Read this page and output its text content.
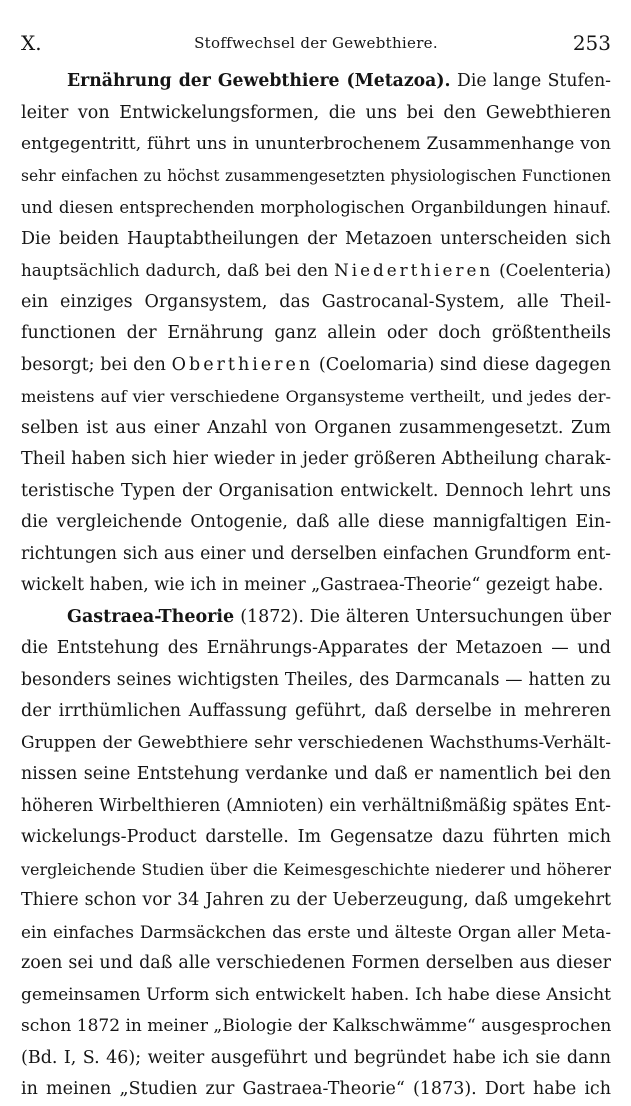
X.	Stoffwechsel der Gewebthiere.	253
Ernährung der Gewebthiere (Metazoa). Die lange Stufen-
leiter von Entwickelungsformen, die uns bei den Gewebthieren
entgegentritt, führt uns in ununterbrochenem Zusammenhange von
sehr einfachen zu höchst zusammengesetzten physiologischen Functionen
und diesen entsprechenden morphologischen Organbildungen hinauf.
Die beiden Hauptabtheilungen der Metazoen unterscheiden sich
hauptsächlich dadurch, daß bei den Niederthieren (Coelenteria)
ein einziges Organsystem, das Gastrocanal-System, alle Theil-
functionen der Ernährung ganz allein oder doch größtentheils
besorgt; bei den Oberthieren (Coelomaria) sind diese dagegen
meistens auf vier verschiedene Organsysteme vertheilt, und jedes der-
selben ist aus einer Anzahl von Organen zusammengesetzt. Zum
Theil haben sich hier wieder in jeder größeren Abtheilung charak-
teristische Typen der Organisation entwickelt. Dennoch lehrt uns
die vergleichende Ontogenie, daß alle diese mannigfaltigen Ein-
richtungen sich aus einer und derselben einfachen Grundform ent-
wickelt haben, wie ich in meiner „Gastraea-Theorie“ gezeigt habe.
Gastraea-Theorie (1872). Die älteren Untersuchungen über
die Entstehung des Ernährungs-Apparates der Metazoen — und
besonders seines wichtigsten Theiles, des Darmcanals — hatten zu
der irrthümlichen Auffassung geführt, daß derselbe in mehreren
Gruppen der Gewebthiere sehr verschiedenen Wachsthums-Verhält-
nissen seine Entstehung verdanke und daß er namentlich bei den
höheren Wirbelthieren (Amnioten) ein verhältnißmäßig spätes Ent-
wickelungs-Product darstelle. Im Gegensatze dazu führten mich
vergleichende Studien über die Keimesgeschichte niederer und höherer
Thiere schon vor 34 Jahren zu der Ueberzeugung, daß umgekehrt
ein einfaches Darmsäckchen das erste und älteste Organ aller Meta-
zoen sei und daß alle verschiedenen Formen derselben aus dieser
gemeinsamen Urform sich entwickelt haben. Ich habe diese Ansicht
schon 1872 in meiner „Biologie der Kalkschwämme“ ausgesprochen
(Bd. I, S. 46); weiter ausgeführt und begründet habe ich sie dann
in meinen „Studien zur Gastraea-Theorie“ (1873). Dort habe ich
